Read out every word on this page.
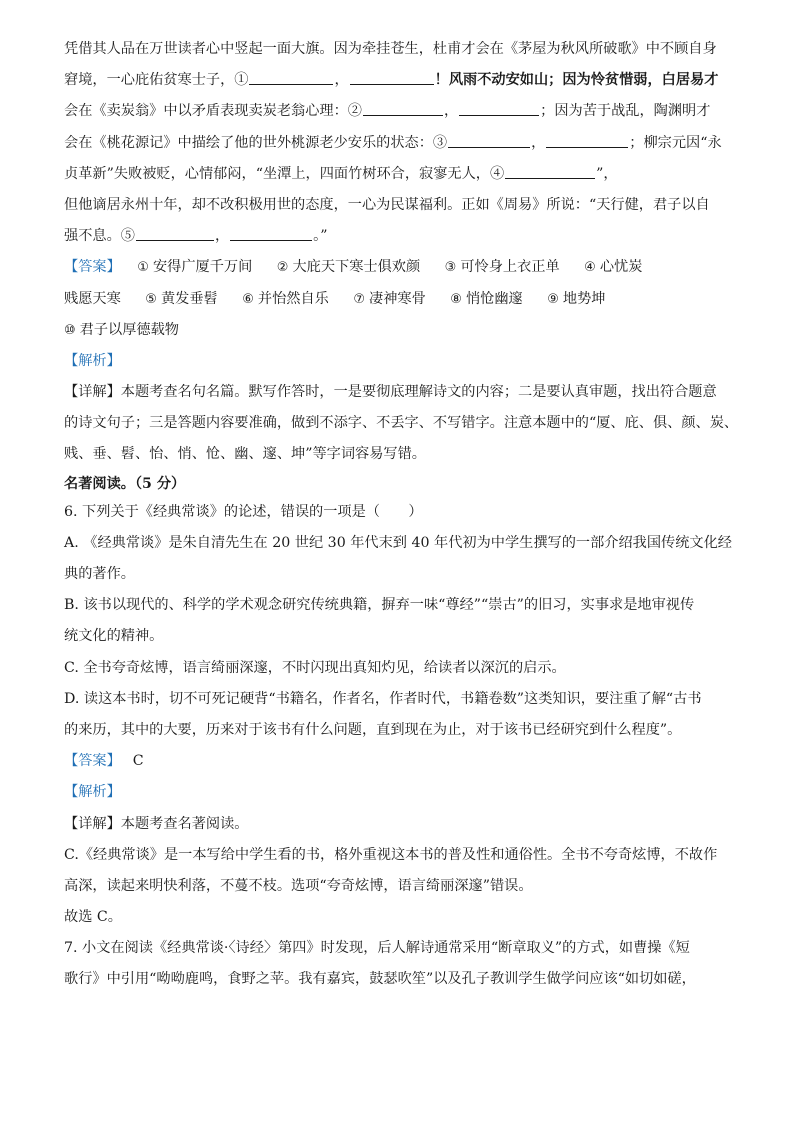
凭借其人品在万世读者心中竖起一面大旗。因为牵挂苍生，杜甫才会在《茅屋为秋风所破歌》中不顾自身
窘境，一心庇佑贫寒士子，①	，	！风雨不动安如山；因为怜贫惜弱，白居易才
会在《卖炭翁》中以矛盾表现卖炭老翁心理：②	，	；因为苦于战乱，陶渊明才
会在《桃花源记》中描绘了他的世外桃源老少安乐的状态：③	，	；柳宗元因“永
贞革新”失败被贬，心情郁闷，“坐潭上，四面竹树环合，寂寥无人，④	”，
但他谪居永州十年，却不改积极用世的态度，一心为民谋福利。正如《周易》所说：“天行健，君子以自
强不息。⑤	，	。”
【答案】 ① 安得广厦千万间 ② 大庇天下寒士俱欢颜 ③ 可怜身上衣正单 ④ 心忧炭
贱愿天寒 ⑤ 黄发垂髫 ⑥ 并怡然自乐 ⑦ 凄神寒骨 ⑧ 悄怆幽邃 ⑨ 地势坤
⑩ 君子以厚德载物
【解析】
【详解】本题考查名句名篇。默写作答时，一是要彻底理解诗文的内容；二是要认真审题，找出符合题意
的诗文句子；三是答题内容要准确，做到不添字、不丢字、不写错字。注意本题中的“厦、庇、俱、颜、炭、
贱、垂、髫、怡、悄、怆、幽、邃、坤”等字词容易写错。
名著阅读。（5 分）
6. 下列关于《经典常谈》的论述，错误的一项是（　　）
A. 《经典常谈》是朱自清先生在 20 世纪 30 年代末到 40 年代初为中学生撰写的一部介绍我国传统文化经
典的著作。
B. 该书以现代的、科学的学术观念研究传统典籍，摒弃一味“尊经”“崇古”的旧习，实事求是地审视传
统文化的精神。
C. 全书夸奇炫博，语言绮丽深邃，不时闪现出真知灼见，给读者以深沉的启示。
D. 读这本书时，切不可死记硬背“书籍名，作者名，作者时代，书籍卷数”这类知识，要注重了解“古书
的来历，其中的大要，历来对于该书有什么问题，直到现在为止，对于该书已经研究到什么程度”。
【答案】 C
【解析】
【详解】本题考查名著阅读。
C.《经典常谈》是一本写给中学生看的书，格外重视这本书的普及性和通俗性。全书不夸奇炫博，不故作
高深，读起来明快利落，不蔓不枝。选项“夸奇炫博，语言绮丽深邃”错误。
故选 C。
7. 小文在阅读《经典常谈·〈诗经〉第四》时发现，后人解诗通常采用“断章取义”的方式，如曹操《短
歌行》中引用“呦呦鹿鸣，食野之苹。我有嘉宾，鼓瑟吹笙”以及孔子教训学生做学问应该“如切如磋，
